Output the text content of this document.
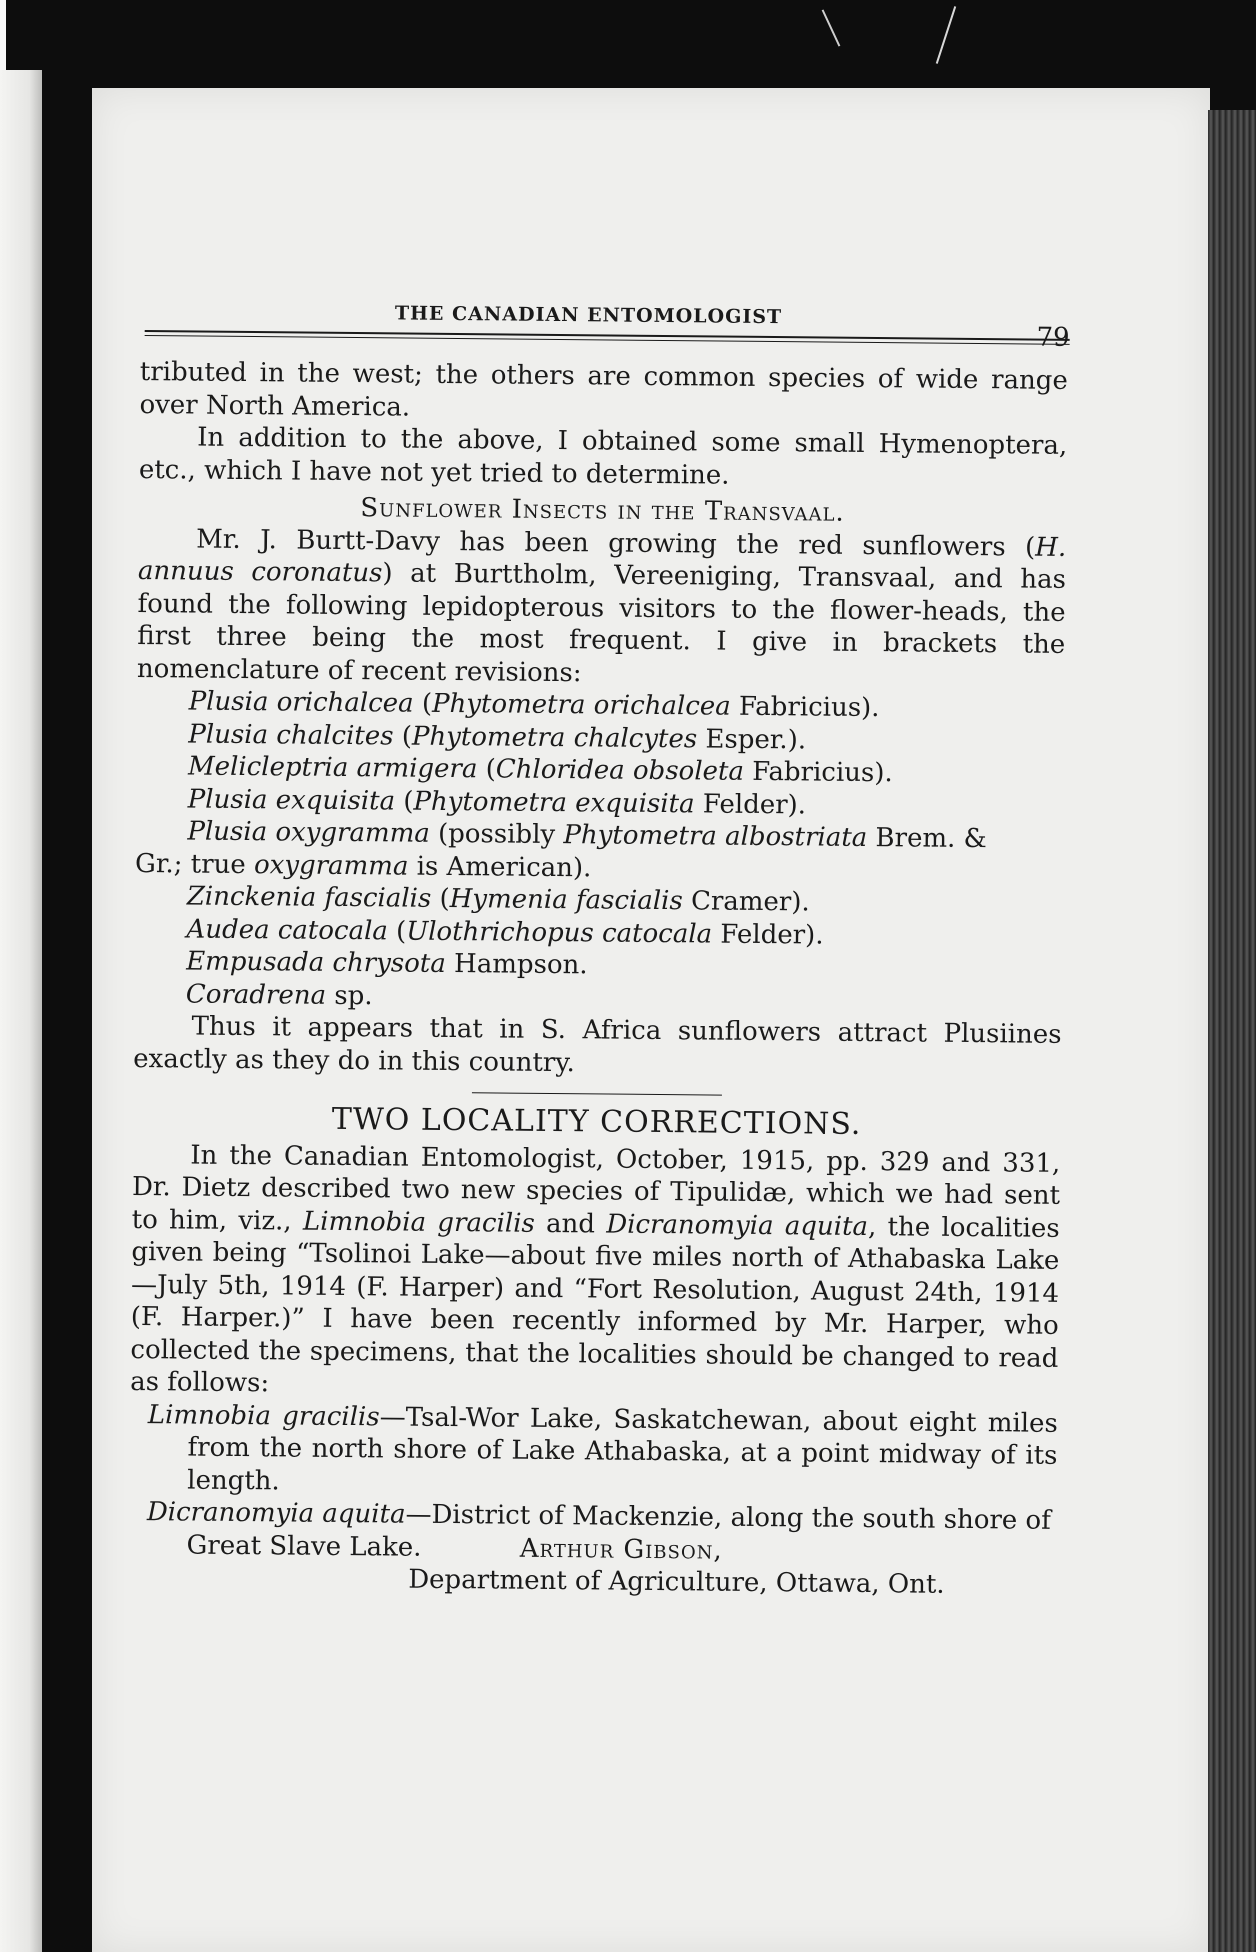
THE CANADIAN ENTOMOLOGIST
79

tributed in the west; the others are common species of wide range over North America.

In addition to the above, I obtained some small Hymenoptera, etc., which I have not yet tried to determine.

Sunflower Insects in the Transvaal.

Mr. J. Burtt-Davy has been growing the red sunflowers (H. annuus coronatus) at Burttholm, Vereeniging, Transvaal, and has found the following lepidopterous visitors to the flower-heads, the first three being the most frequent. I give in brackets the nomenclature of recent revisions:

Plusia orichalcea (Phytometra orichalcea Fabricius).

Plusia chalcites (Phytometra chalcytes Esper.).

Melicleptria armigera (Chloridea obsoleta Fabricius).

Plusia exquisita (Phytometra exquisita Felder).

Plusia oxygramma (possibly Phytometra albostriata Brem. &

Gr.; true oxygramma is American).

Zinckenia fascialis (Hymenia fascialis Cramer).

Audea catocala (Ulothrichopus catocala Felder).

Empusada chrysota Hampson.

Coradrena sp.

Thus it appears that in S. Africa sunflowers attract Plusiines exactly as they do in this country.

TWO LOCALITY CORRECTIONS.

In the Canadian Entomologist, October, 1915, pp. 329 and 331, Dr. Dietz described two new species of Tipulidæ, which we had sent to him, viz., Limnobia gracilis and Dicranomyia aquita, the localities given being “Tsolinoi Lake—about five miles north of Athabaska Lake—July 5th, 1914 (F. Harper) and “Fort Resolution, August 24th, 1914 (F. Harper.)” I have been recently informed by Mr. Harper, who collected the specimens, that the localities should be changed to read as follows:

Limnobia gracilis—Tsal-Wor Lake, Saskatchewan, about eight miles from the north shore of Lake Athabaska, at a point midway of its length.

Dicranomyia aquita—District of Mackenzie, along the south shore of Great Slave Lake.	Arthur Gibson,

Department of Agriculture, Ottawa, Ont.
